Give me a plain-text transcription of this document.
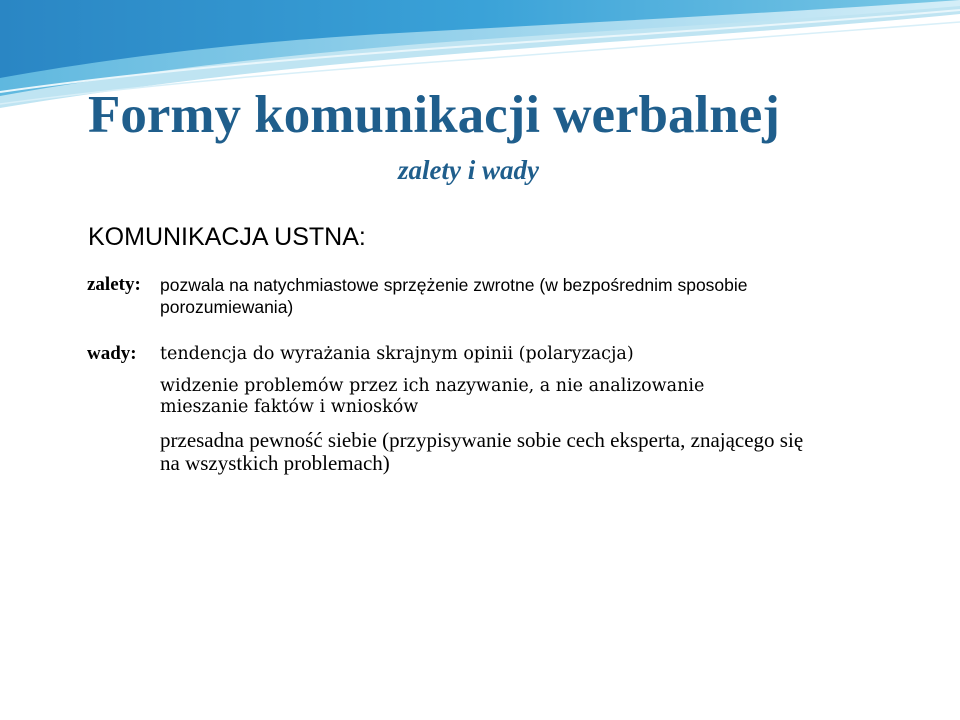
Formy komunikacji werbalnej
zalety i wady
KOMUNIKACJA USTNA:
zalety: pozwala na natychmiastowe sprzężenie zwrotne (w bezpośrednim sposobie
porozumiewania)
wady: tendencja do wyrażania skrajnym opinii (polaryzacja)
widzenie problemów przez ich nazywanie, a nie analizowanie
mieszanie faktów i wniosków
przesadna pewność siebie (przypisywanie sobie cech eksperta, znającego się
na wszystkich problemach)
